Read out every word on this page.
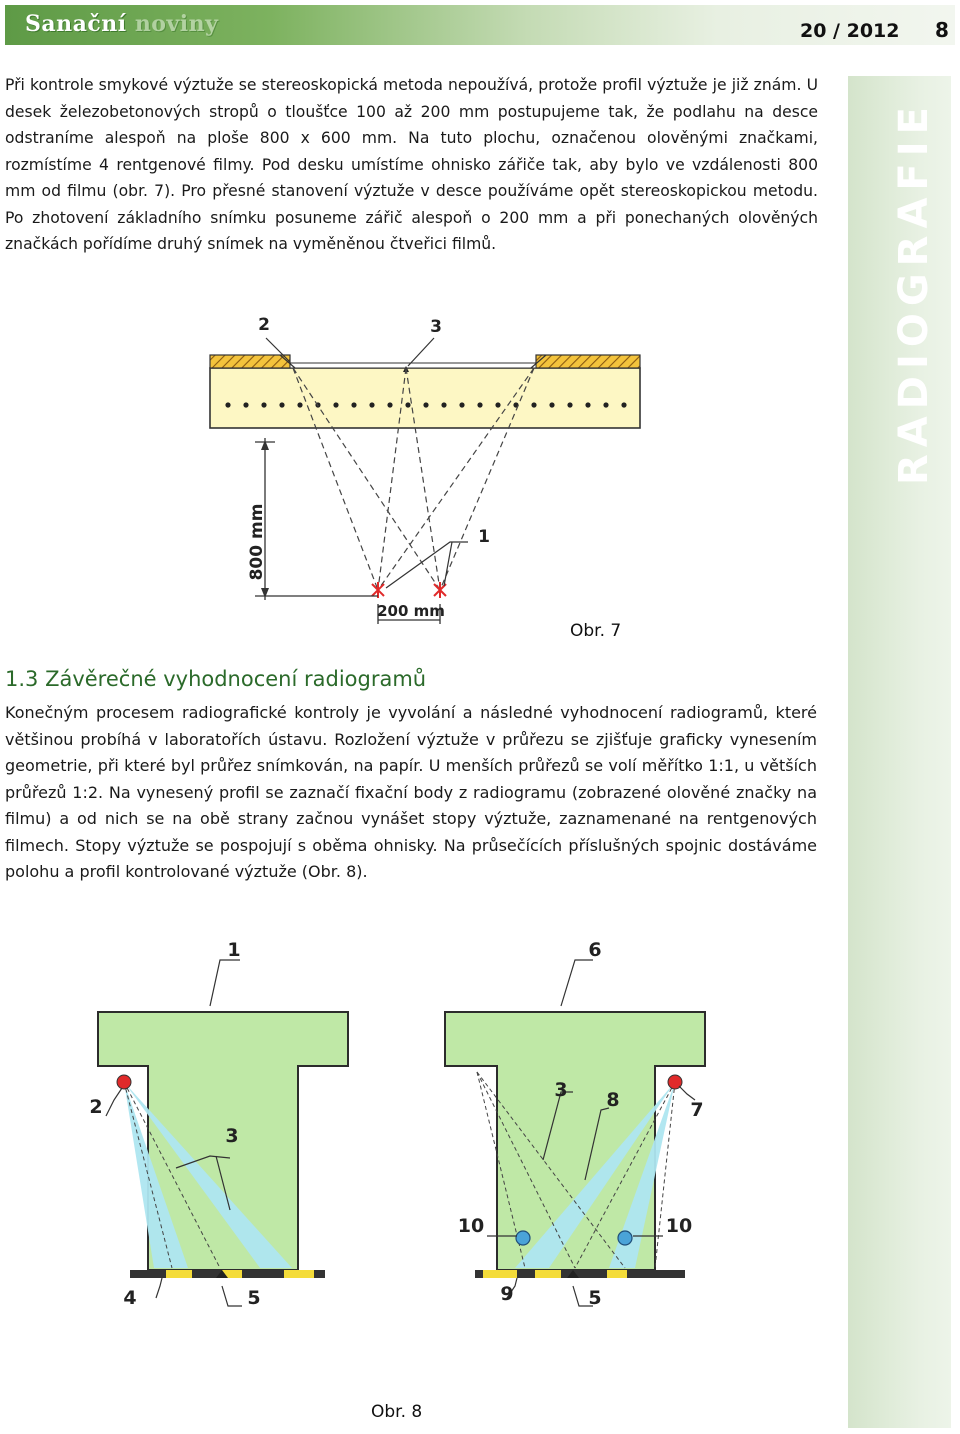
Sanační noviny	20 / 2012 8
RADIOGRAFIE

Při kontrole smykové výztuže se stereoskopická metoda nepoužívá, protože profil výztuže je již znám. U desek železobetonových stropů o tloušťce 100 až 200 mm postupujeme tak, že podlahu na desce odstraníme alespoň na ploše 800 x 600 mm. Na tuto plochu, označenou olověnými značkami, rozmístíme 4 rentgenové filmy. Pod desku umístíme ohnisko zářiče tak, aby bylo ve vzdálenosti 800 mm od filmu (obr. 7). Pro přesné stanovení výztuže v desce používáme opět stereoskopickou metodu. Po zhotovení základního snímku posuneme zářič alespoň o 200 mm a při ponechaných olověných značkách pořídíme druhý snímek na vyměněnou čtveřici filmů.

800 mm
200 mm
2	3
1
Obr. 7
1.3 Závěrečné vyhodnocení radiogramů

Konečným procesem radiografické kontroly je vyvolání a následné vyhodnocení radiogramů, které většinou probíhá v laboratořích ústavu. Rozložení výztuže v průřezu se zjišťuje graficky vynesením geometrie, při které byl průřez snímkován, na papír. U menších průřezů se volí měřítko 1:1, u větších průřezů 1:2. Na vynesený profil se zaznačí fixační body z radiogramu (zobrazené olověné značky na filmu) a od nich se na obě strany začnou vynášet stopy výztuže, zaznamenané na rentgenových filmech. Stopy výztuže se pospojují s oběma ohnisky. Na průsečících příslušných spojnic dostáváme polohu a profil kontrolované výztuže (Obr. 8).

1
2
3
4	5
6
7
3 8
10	10
9	5
Obr. 8
